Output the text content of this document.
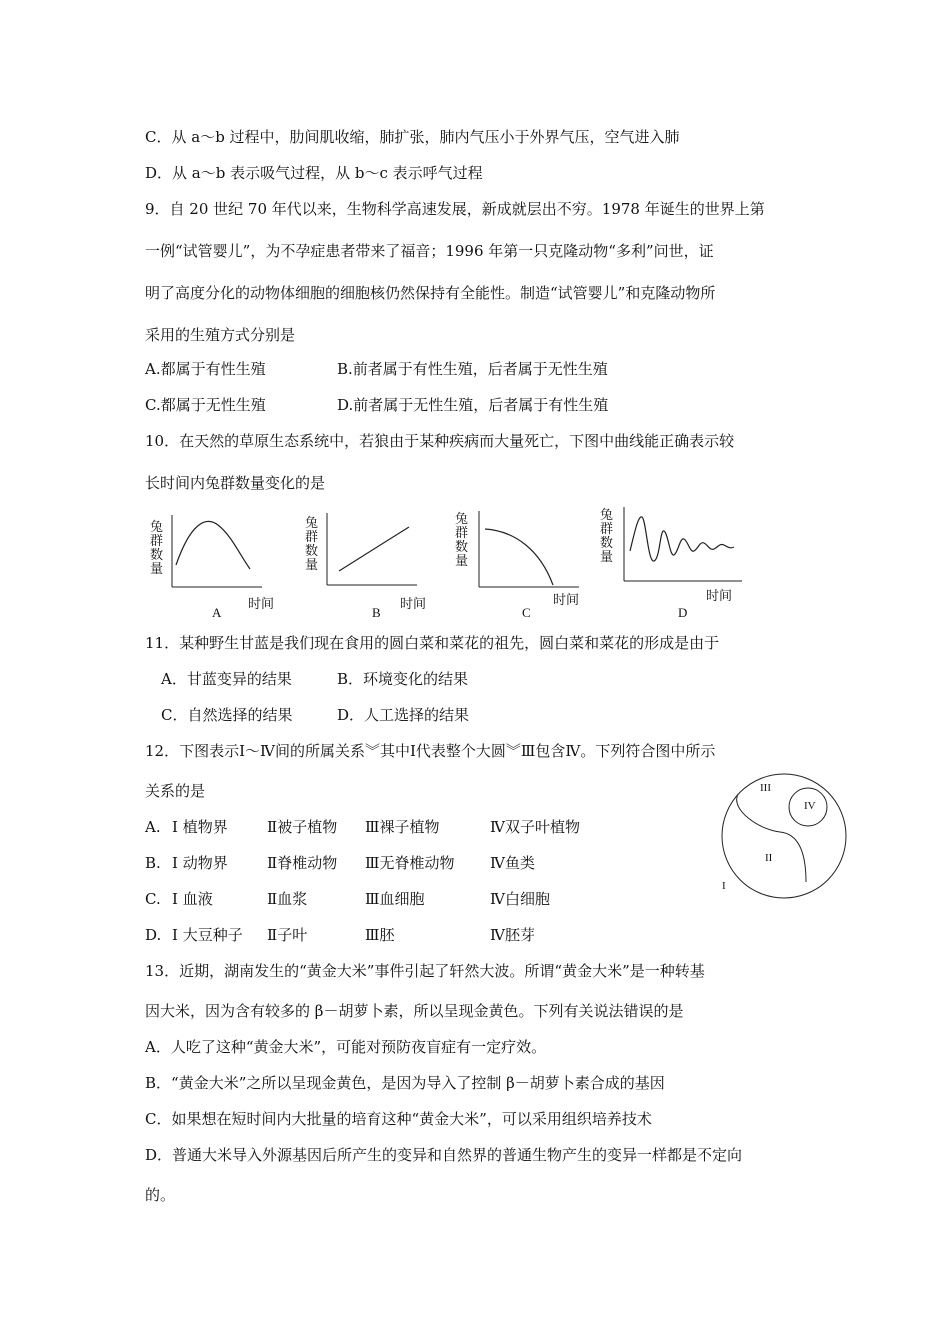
C．从 a～b 过程中，肋间肌收缩，肺扩张，肺内气压小于外界气压，空气进入肺
D．从 a～b 表示吸气过程，从 b～c 表示呼气过程
9．自 20 世纪 70 年代以来，生物科学高速发展，新成就层出不穷。1978 年诞生的世界上第
一例“试管婴儿”，为不孕症患者带来了福音；1996 年第一只克隆动物“多利”问世，证
明了高度分化的动物体细胞的细胞核仍然保持有全能性。制造“试管婴儿”和克隆动物所
采用的生殖方式分别是
A.都属于有性生殖	B.前者属于有性生殖，后者属于无性生殖
C.都属于无性生殖	D.前者属于无性生殖，后者属于有性生殖
10．在天然的草原生态系统中，若狼由于某种疾病而大量死亡，下图中曲线能正确表示较
长时间内兔群数量变化的是
兔群数量
时间
A
兔群数量
时间
B
兔群数量
时间
C
兔群数量
时间
D
11．某种野生甘蓝是我们现在食用的圆白菜和菜花的祖先，圆白菜和菜花的形成是由于
A．甘蓝变异的结果	B．环境变化的结果
C．自然选择的结果	D．人工选择的结果
12．下图表示Ⅰ～Ⅳ间的所属关系︾其中Ⅰ代表整个大圆︾Ⅲ包含Ⅳ。下列符合图中所示
关系的是
A. Ⅰ 植物界	Ⅱ被子植物 Ⅲ裸子植物	Ⅳ双子叶植物
B. Ⅰ 动物界	Ⅱ脊椎动物 Ⅲ无脊椎动物 Ⅳ鱼类
C. Ⅰ 血液	Ⅱ血浆	Ⅲ血细胞	Ⅳ白细胞
D. Ⅰ 大豆种子 Ⅱ子叶	Ⅲ胚	Ⅳ胚芽
III
IV
II
I
13．近期，湖南发生的“黄金大米”事件引起了轩然大波。所谓“黄金大米”是一种转基
因大米，因为含有较多的 β－胡萝卜素，所以呈现金黄色。下列有关说法错误的是
A．人吃了这种“黄金大米”，可能对预防夜盲症有一定疗效。
B．“黄金大米”之所以呈现金黄色，是因为导入了控制 β－胡萝卜素合成的基因
C．如果想在短时间内大批量的培育这种“黄金大米”，可以采用组织培养技术
D．普通大米导入外源基因后所产生的变异和自然界的普通生物产生的变异一样都是不定向
的。
